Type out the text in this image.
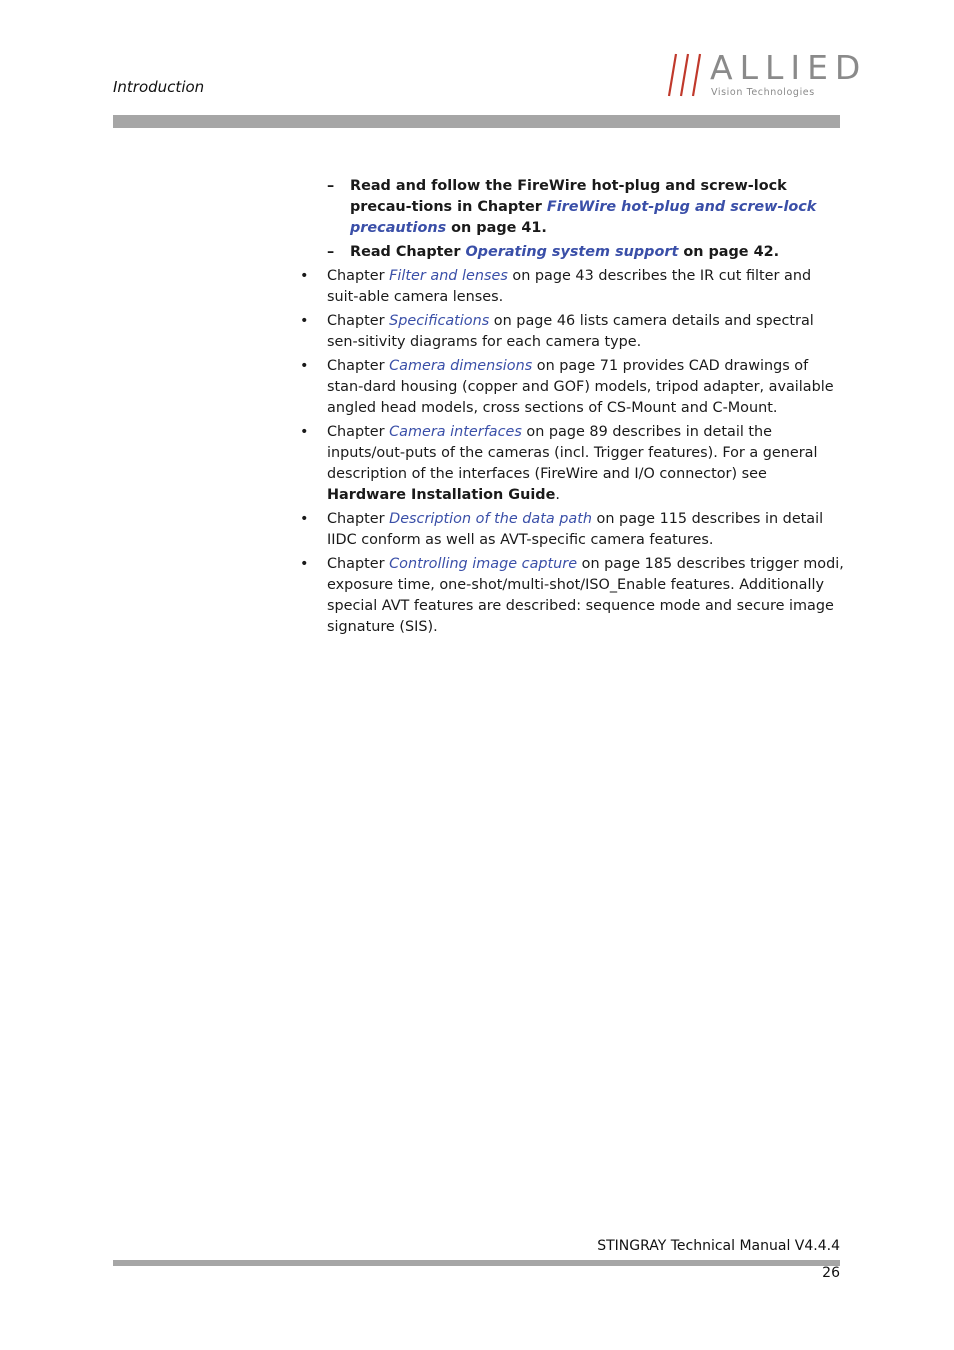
Introduction	ALLIED
Vision Technologies
– Read and follow the FireWire hot-plug and screw-lock precau-tions in Chapter FireWire hot-plug and screw-lock precautions on page 41.
– Read Chapter Operating system support on page 42.
• Chapter Filter and lenses on page 43 describes the IR cut filter and suit-able camera lenses.
• Chapter Specifications on page 46 lists camera details and spectral sen-sitivity diagrams for each camera type.
• Chapter Camera dimensions on page 71 provides CAD drawings of stan-dard housing (copper and GOF) models, tripod adapter, available angled head models, cross sections of CS-Mount and C-Mount.
• Chapter Camera interfaces on page 89 describes in detail the inputs/out-puts of the cameras (incl. Trigger features). For a general description of the interfaces (FireWire and I/O connector) see Hardware Installation Guide.
• Chapter Description of the data path on page 115 describes in detail IIDC conform as well as AVT-specific camera features.
• Chapter Controlling image capture on page 185 describes trigger modi, exposure time, one-shot/multi-shot/ISO_Enable features. Additionally special AVT features are described: sequence mode and secure image signature (SIS).
STINGRAY Technical Manual V4.4.4
26
